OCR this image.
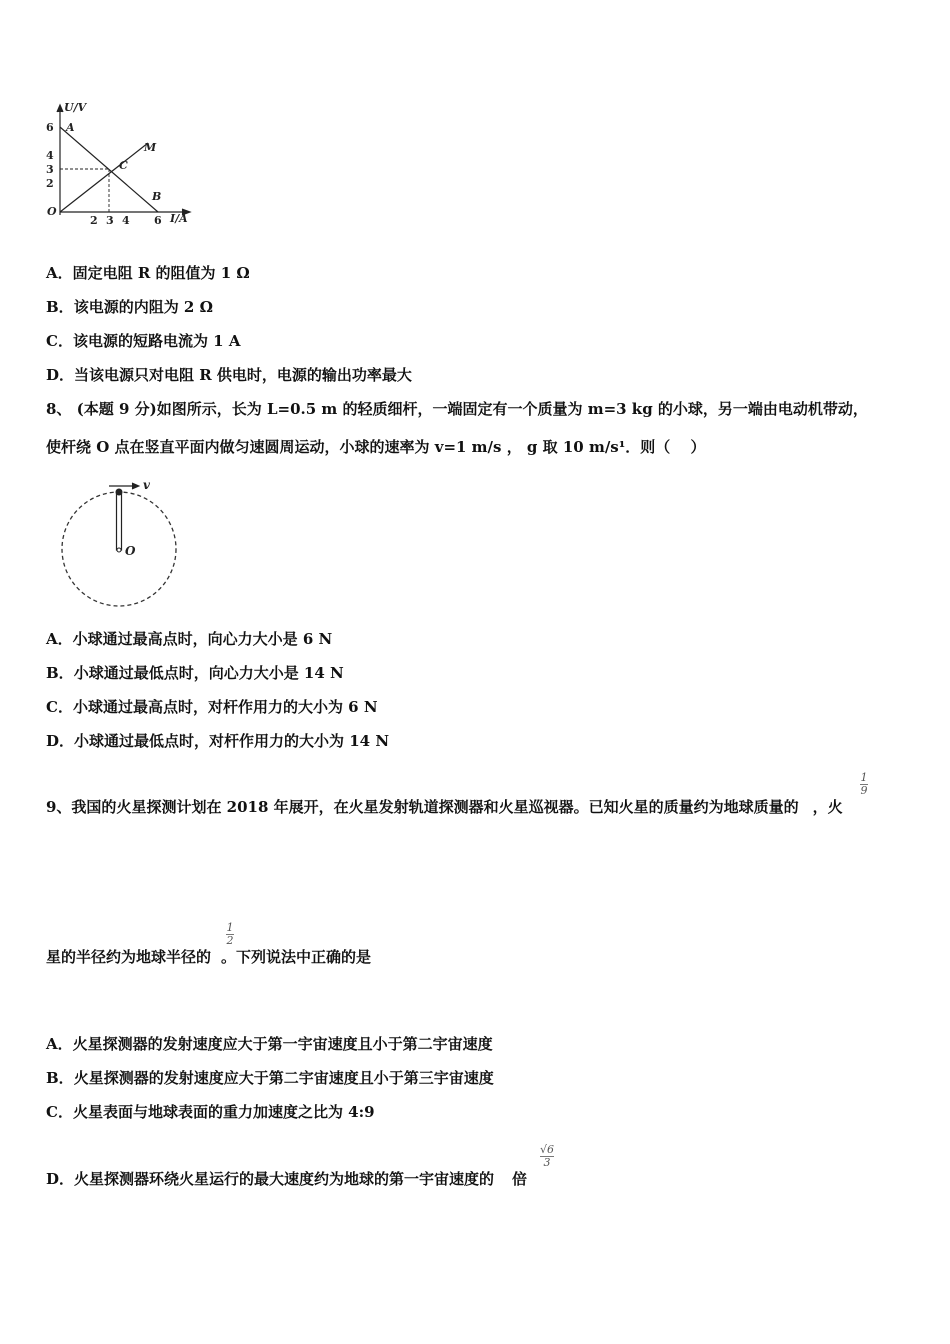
U/V
I/A
O
6
4
3
2
2 3 4 6
A
B
C
M
A．固定电阻 R 的阻值为 1 Ω
B．该电源的内阻为 2 Ω
C．该电源的短路电流为 1 A
D．当该电源只对电阻 R 供电时，电源的输出功率最大
8、 (本题 9 分)如图所示，长为 L=0.5 m 的轻质细杆，一端固定有一个质量为 m=3 kg 的小球，另一端由电动机带动，
使杆绕 O 点在竖直平面内做匀速圆周运动，小球的速率为 v=1 m/s ， g 取 10 m/s¹．则（　 ）
v
O
A．小球通过最高点时，向心力大小是 6 N
B．小球通过最低点时，向心力大小是 14 N
C．小球通过最高点时，对杆作用力的大小为 6 N
D．小球通过最低点时，对杆作用力的大小为 14 N
9、我国的火星探测计划在 2018 年展开，在火星发射轨道探测器和火星巡视器。已知火星的质量约为地球质量的 ，火
1
9
星的半径约为地球半径的 。下列说法中正确的是
1
2
A．火星探测器的发射速度应大于第一宇宙速度且小于第二宇宙速度
B．火星探测器的发射速度应大于第二宇宙速度且小于第三宇宙速度
C．火星表面与地球表面的重力加速度之比为 4:9
D．火星探测器环绕火星运行的最大速度约为地球的第一宇宙速度的 倍
√6
3
